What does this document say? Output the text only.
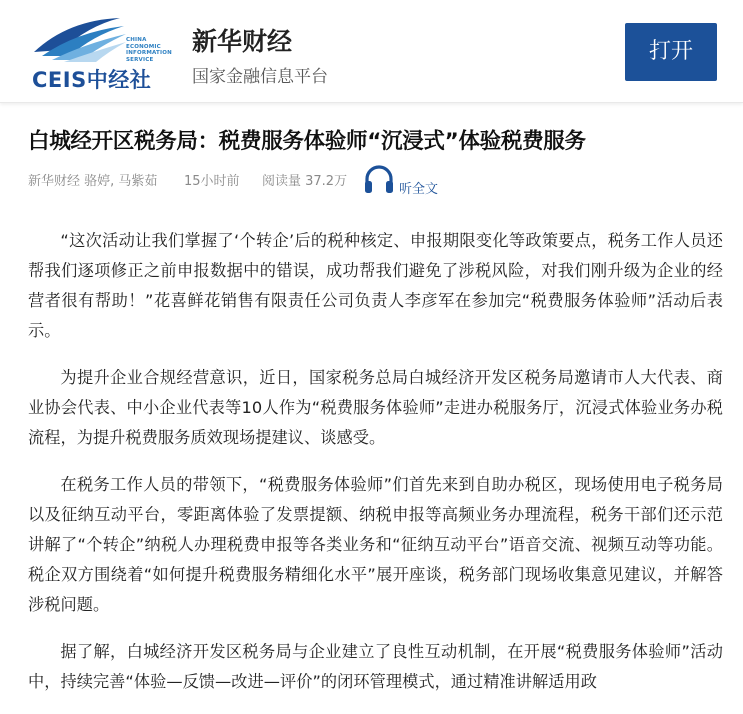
CHINA ECONOMIC
INFORMATION SERVICE
CEIS中经社
新华财经
国家金融信息平台
打开
白城经开区税务局：税费服务体验师“沉浸式”体验税费服务
新华财经 骆婷, 马紫茹 15小时前 阅读量 37.2万
听全文

“这次活动让我们掌握了‘个转企’后的税种核定、申报期限变化等政策要点，税务工作人员还帮我们逐项修正之前申报数据中的错误，成功帮我们避免了涉税风险，对我们刚升级为企业的经营者很有帮助！”花喜鲜花销售有限责任公司负责人李彦军在参加完“税费服务体验师”活动后表示。

为提升企业合规经营意识，近日，国家税务总局白城经济开发区税务局邀请市人大代表、商业协会代表、中小企业代表等10人作为“税费服务体验师”走进办税服务厅，沉浸式体验业务办税流程，为提升税费服务质效现场提建议、谈感受。

在税务工作人员的带领下，“税费服务体验师”们首先来到自助办税区，现场使用电子税务局以及征纳互动平台，零距离体验了发票提额、纳税申报等高频业务办理流程，税务干部们还示范讲解了“个转企”纳税人办理税费申报等各类业务和“征纳互动平台”语音交流、视频互动等功能。税企双方围绕着“如何提升税费服务精细化水平”展开座谈，税务部门现场收集意见建议，并解答涉税问题。

据了解，白城经济开发区税务局与企业建立了良性互动机制，在开展“税费服务体验师”活动中，持续完善“体验—反馈—改进—评价”的闭环管理模式，通过精准讲解适用政
